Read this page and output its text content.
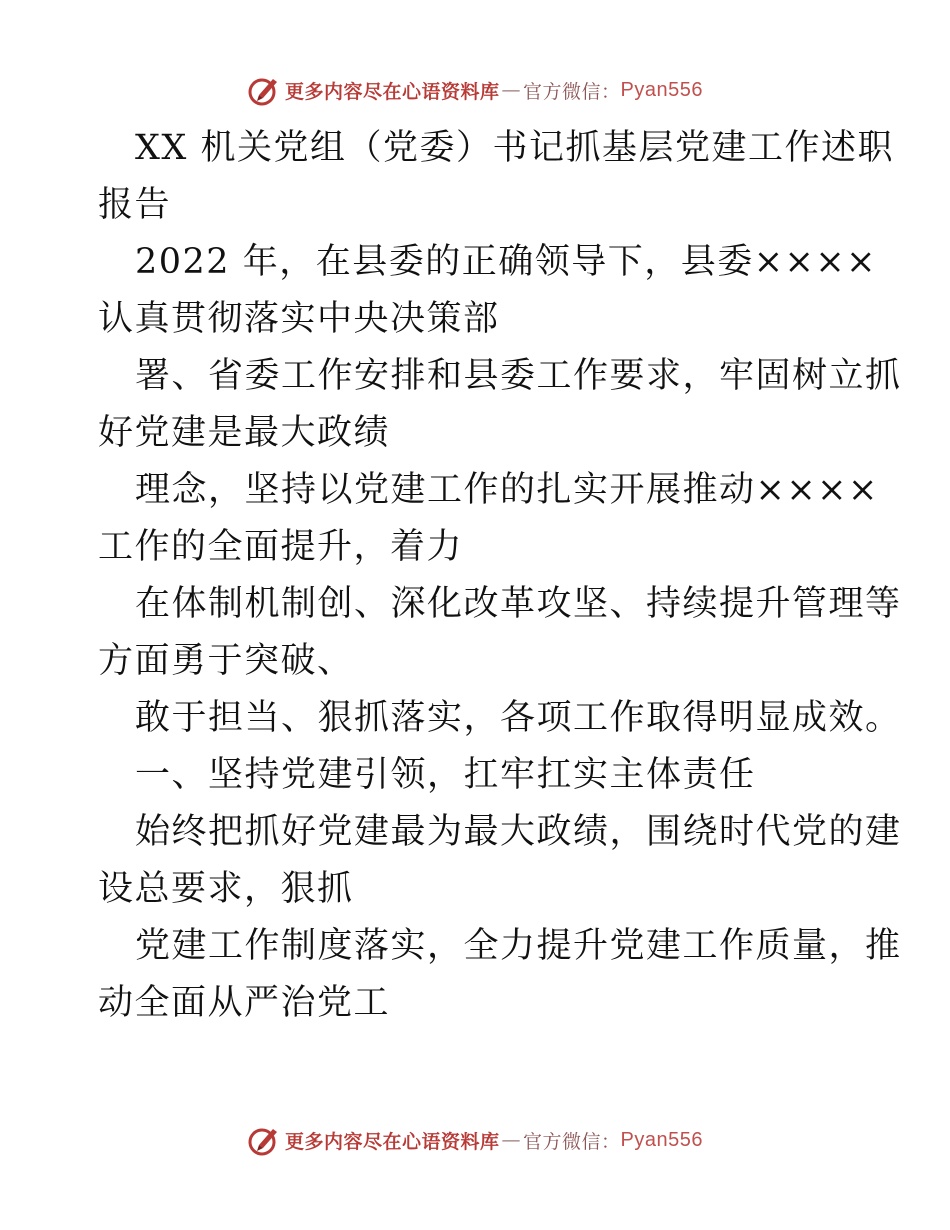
更多内容尽在心语资料库 — 官方微信： Pyan556
XX 机关党组（党委）书记抓基层党建工作述职
报告
2022 年，在县委的正确领导下，县委××××
认真贯彻落实中央决策部
署、省委工作安排和县委工作要求，牢固树立抓
好党建是最大政绩
理念，坚持以党建工作的扎实开展推动××××
工作的全面提升，着力
在体制机制创、深化改革攻坚、持续提升管理等
方面勇于突破、
敢于担当、狠抓落实，各项工作取得明显成效。
一、坚持党建引领，扛牢扛实主体责任
始终把抓好党建最为最大政绩，围绕时代党的建
设总要求，狠抓
党建工作制度落实，全力提升党建工作质量，推
动全面从严治党工
更多内容尽在心语资料库 — 官方微信： Pyan556
